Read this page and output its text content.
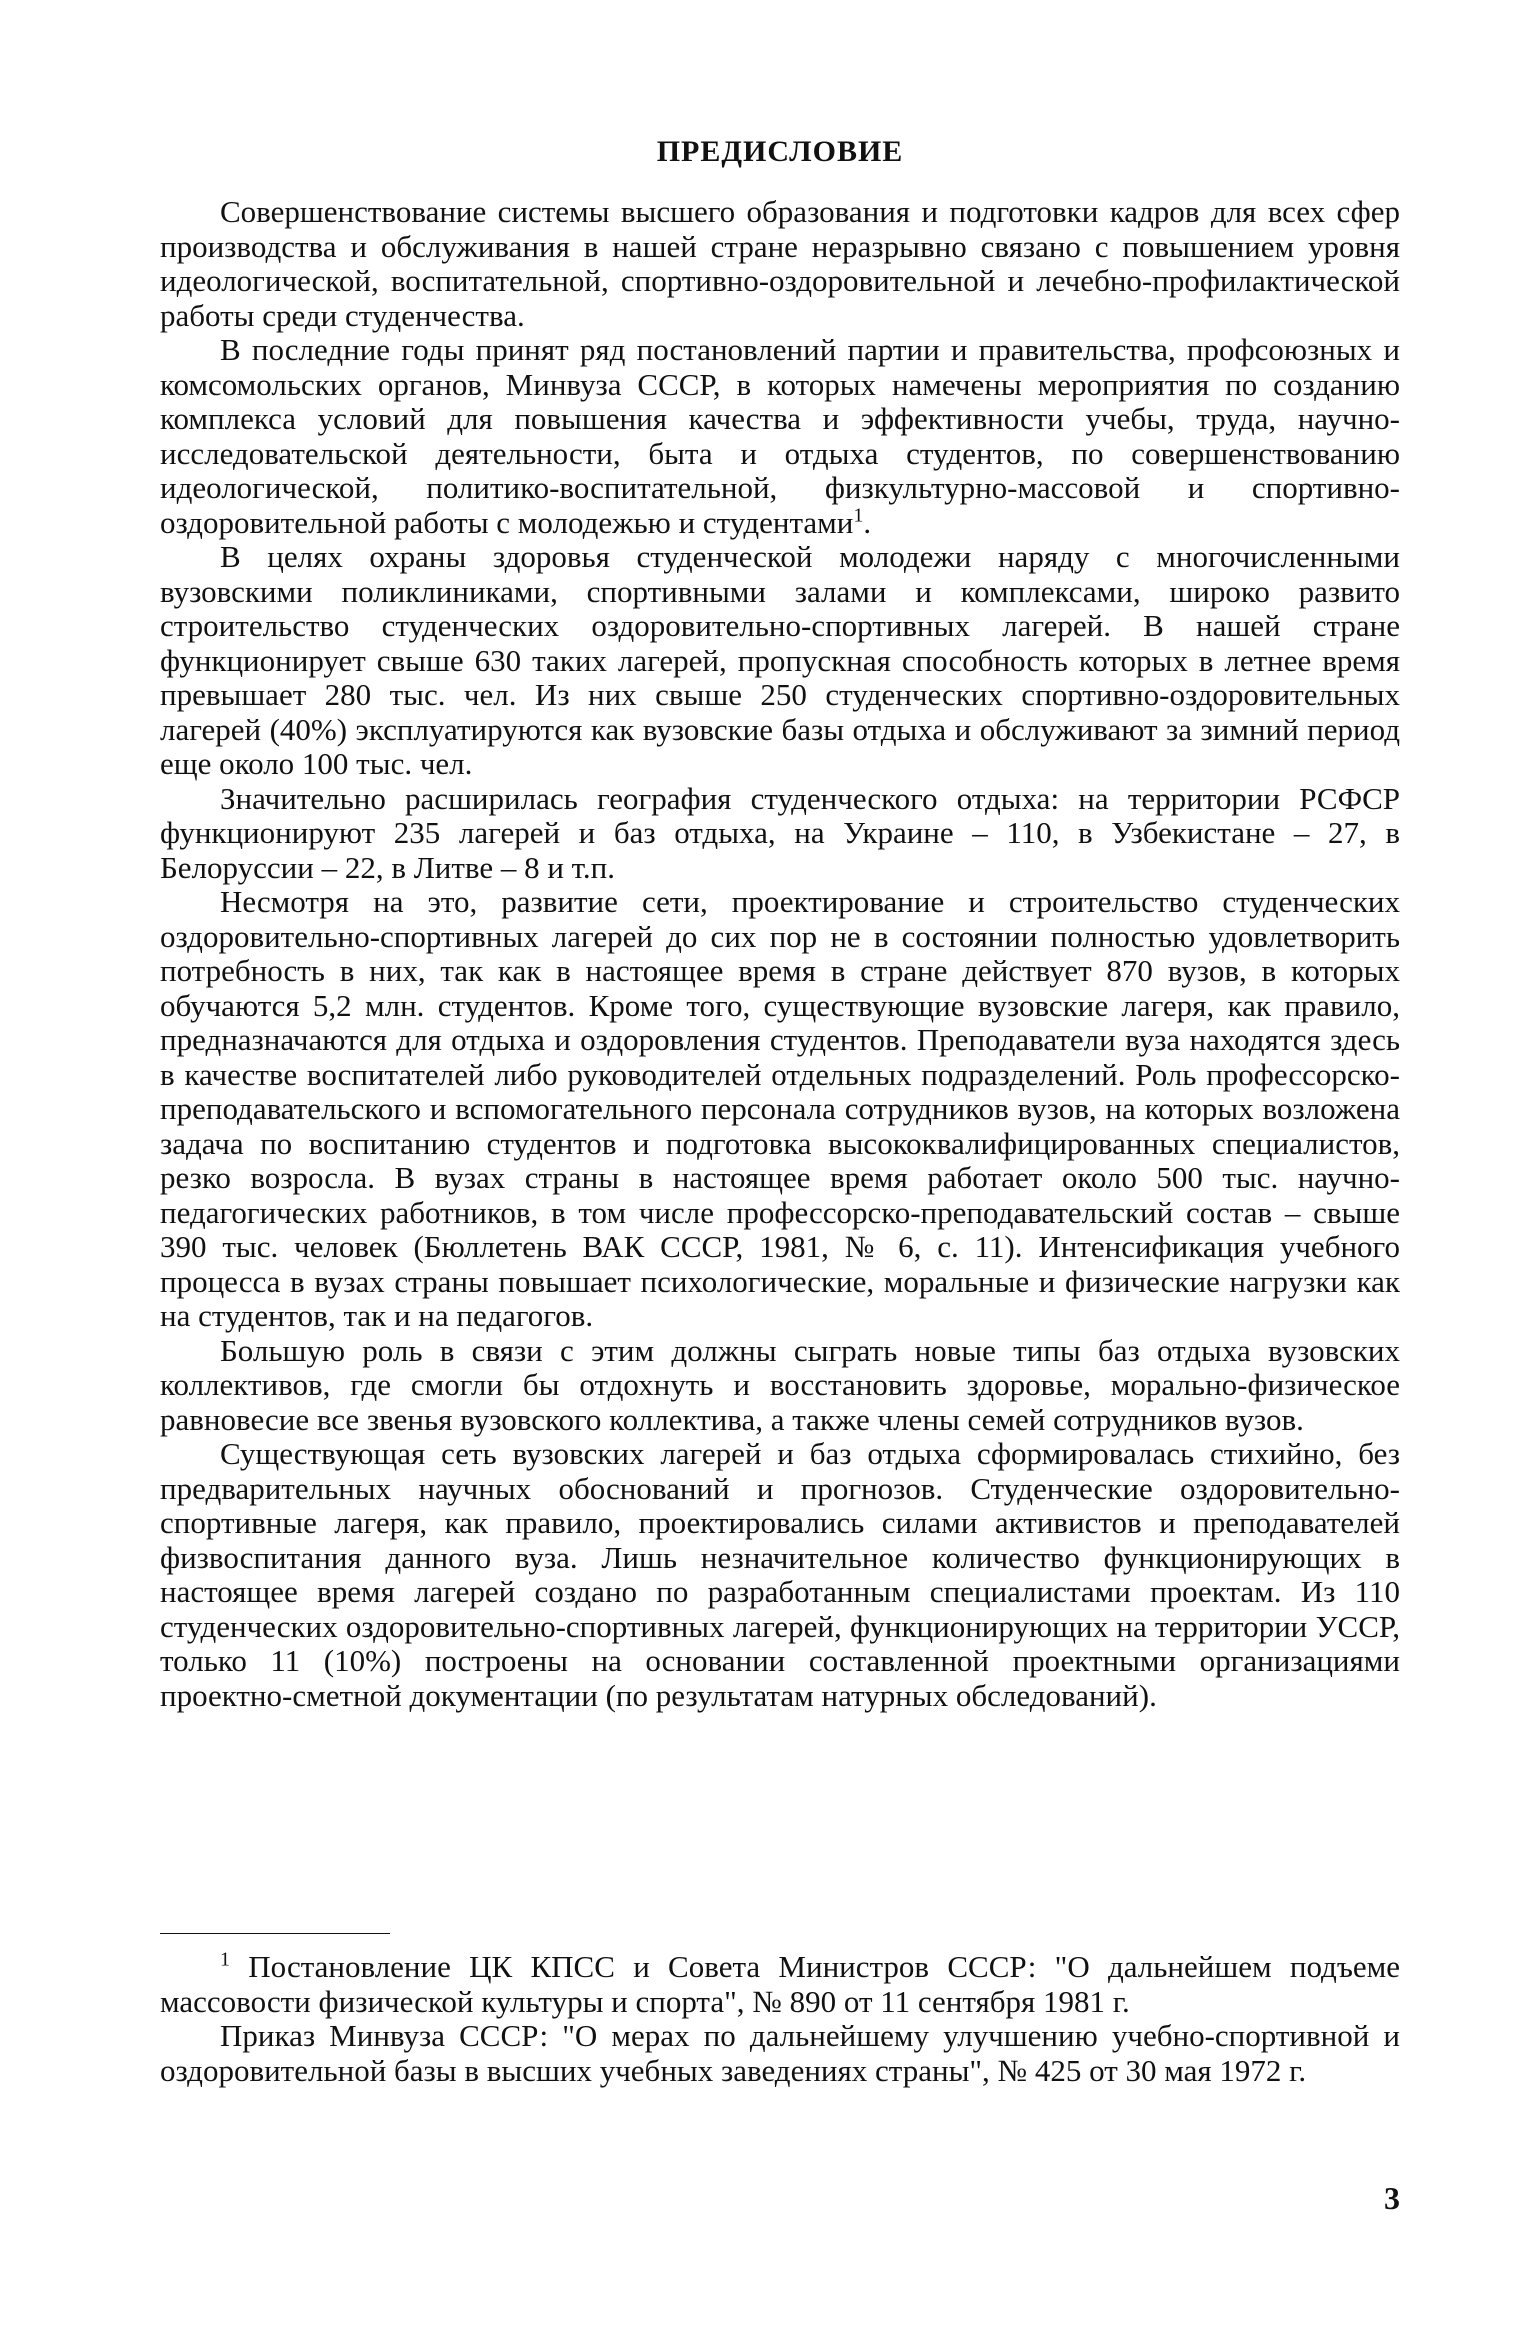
ПРЕДИСЛОВИЕ

Совершенствование системы высшего образования и подготовки кадров для всех сфер производства и обслуживания в нашей стране неразрывно связано с повышением уровня идеологической, воспитательной, спортивно-оздоровительной и лечебно-профилактической работы среди студенчества.

В последние годы принят ряд постановлений партии и правительства, профсоюзных и комсомольских органов, Минвуза СССР, в которых намечены мероприятия по созданию комплекса условий для повышения качества и эффективности учебы, труда, научно-исследовательской деятельности, быта и отдыха студентов, по совершенствованию идеологической, политико-воспитательной, физкультурно-массовой и спортивно-оздоровительной работы с молодежью и студентами$^1$.

В целях охраны здоровья студенческой молодежи наряду с многочисленными вузовскими поликлиниками, спортивными залами и комплексами, широко развито строительство студенческих оздоровительно-спортивных лагерей. В нашей стране функционирует свыше 630 таких лагерей, пропускная способность которых в летнее время превышает 280 тыс. чел. Из них свыше 250 студенческих спортивно-оздоровительных лагерей (40%) эксплуатируются как вузовские базы отдыха и обслуживают за зимний период еще около 100 тыс. чел.

Значительно расширилась география студенческого отдыха: на территории РСФСР функционируют 235 лагерей и баз отдыха, на Украине – 110, в Узбекистане – 27, в Белоруссии – 22, в Литве – 8 и т.п.

Несмотря на это, развитие сети, проектирование и строительство студенческих оздоровительно-спортивных лагерей до сих пор не в состоянии полностью удовлетворить потребность в них, так как в настоящее время в стране действует 870 вузов, в которых обучаются 5,2 млн. студентов. Кроме того, существующие вузовские лагеря, как правило, предназначаются для отдыха и оздоровления студентов. Преподаватели вуза находятся здесь в качестве воспитателей либо руководителей отдельных подразделений. Роль профессорско-преподавательского и вспомогательного персонала сотрудников вузов, на которых возложена задача по воспитанию студентов и подготовка высококвалифицированных специалистов, резко возросла. В вузах страны в настоящее время работает около 500 тыс. научно-педагогических работников, в том числе профессорско-преподавательский состав – свыше 390 тыс. человек (Бюллетень ВАК СССР, 1981, № 6, с. 11). Интенсификация учебного процесса в вузах страны повышает психологические, моральные и физические нагрузки как на студентов, так и на педагогов.

Большую роль в связи с этим должны сыграть новые типы баз отдыха вузовских коллективов, где смогли бы отдохнуть и восстановить здоровье, морально-физическое равновесие все звенья вузовского коллектива, а также члены семей сотрудников вузов.

Существующая сеть вузовских лагерей и баз отдыха сформировалась стихийно, без предварительных научных обоснований и прогнозов. Студенческие оздоровительно-спортивные лагеря, как правило, проектировались силами активистов и преподавателей физвоспитания данного вуза. Лишь незначительное количество функционирующих в настоящее время лагерей создано по разработанным специалистами проектам. Из 110 студенческих оздоровительно-спортивных лагерей, функционирующих на территории УССР, только 11 (10%) построены на основании составленной проектными организациями проектно-сметной документации (по результатам натурных обследований).

$^1$ Постановление ЦК КПСС и Совета Министров СССР: "О дальнейшем подъеме массовости физической культуры и спорта", № 890 от 11 сентября 1981 г.

Приказ Минвуза СССР: "О мерах по дальнейшему улучшению учебно-спортивной и оздоровительной базы в высших учебных заведениях страны", № 425 от 30 мая 1972 г.

3
